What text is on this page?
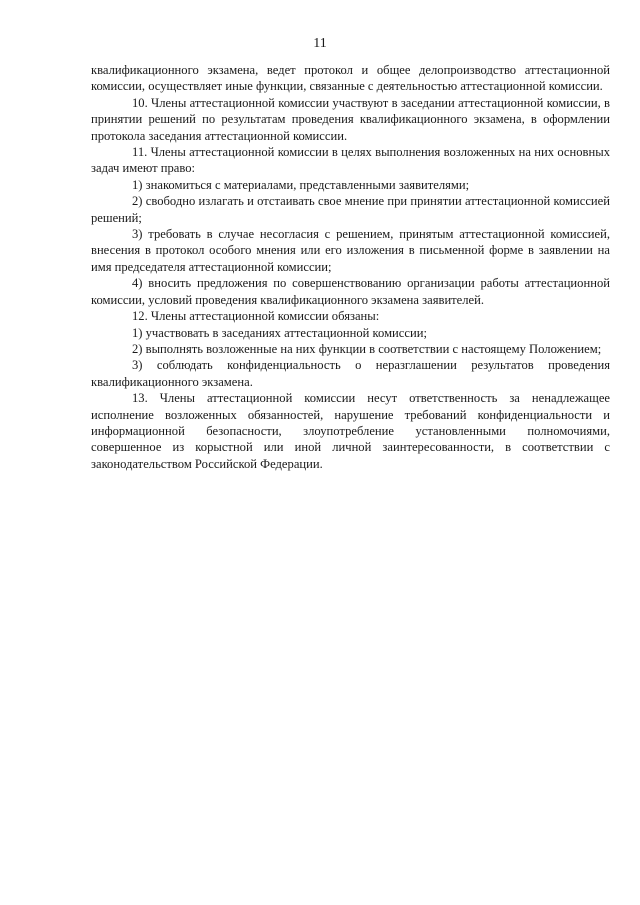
11

квалификационного экзамена, ведет протокол и общее делопроизводство аттестационной комиссии, осуществляет иные функции, связанные с деятельностью аттестационной комиссии.

10. Члены аттестационной комиссии участвуют в заседании аттестационной комиссии, в принятии решений по результатам проведения квалификационного экзамена, в оформлении протокола заседания аттестационной комиссии.

11. Члены аттестационной комиссии в целях выполнения возложенных на них основных задач имеют право:

1) знакомиться с материалами, представленными заявителями;

2) свободно излагать и отстаивать свое мнение при принятии аттестационной комиссией решений;

3) требовать в случае несогласия с решением, принятым аттестационной комиссией, внесения в протокол особого мнения или его изложения в письменной форме в заявлении на имя председателя аттестационной комиссии;

4) вносить предложения по совершенствованию организации работы аттестационной комиссии, условий проведения квалификационного экзамена заявителей.

12. Члены аттестационной комиссии обязаны:

1) участвовать в заседаниях аттестационной комиссии;

2) выполнять возложенные на них функции в соответствии с настоящему Положением;

3) соблюдать конфиденциальность о неразглашении результатов проведения квалификационного экзамена.

13. Члены аттестационной комиссии несут ответственность за ненадлежащее исполнение возложенных обязанностей, нарушение требований конфиденциальности и информационной безопасности, злоупотребление установленными полномочиями, совершенное из корыстной или иной личной заинтересованности, в соответствии с законодательством Российской Федерации.
